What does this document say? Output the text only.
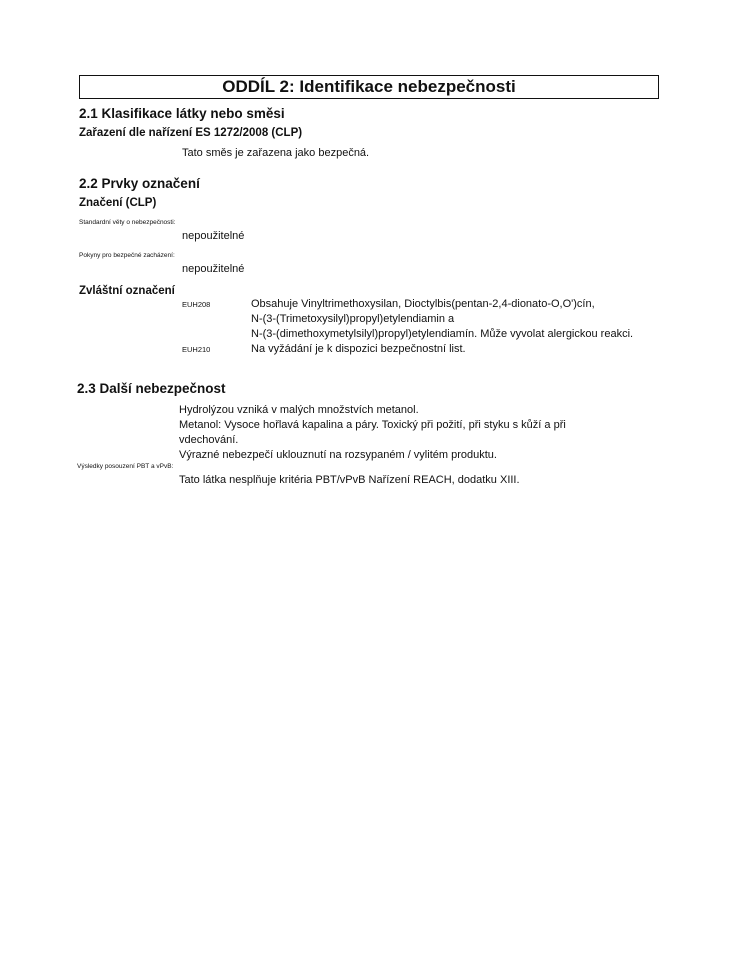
ODDÍL 2: Identifikace nebezpečnosti
2.1 Klasifikace látky nebo směsi
Zařazení dle nařízení ES 1272/2008 (CLP)
Tato směs je zařazena jako bezpečná.
2.2 Prvky označení
Značení (CLP)
Standardní věty o nebezpečnosti:
nepoužitelné
Pokyny pro bezpečné zacházení:
nepoužitelné
Zvláštní označení
EUH208	Obsahuje Vinyltrimethoxysilan, Dioctylbis(pentan-2,4-dionato-O,O')cín,
N-(3-(Trimetoxysilyl)propyl)etylendiamin a
N-(3-(dimethoxymetylsilyl)propyl)etylendiamín. Může vyvolat alergickou reakci.
EUH210	Na vyžádání je k dispozici bezpečnostní list.
2.3 Další nebezpečnost
Hydrolýzou vzniká v malých množstvích metanol.
Metanol: Vysoce hořlavá kapalina a páry. Toxický při požití, při styku s kůží a při
vdechování.
Výrazné nebezpečí uklouznutí na rozsypaném / vylitém produktu.
Výsledky posouzení PBT a vPvB:
Tato látka nesplňuje kritéria PBT/vPvB Nařízení REACH, dodatku XIII.
